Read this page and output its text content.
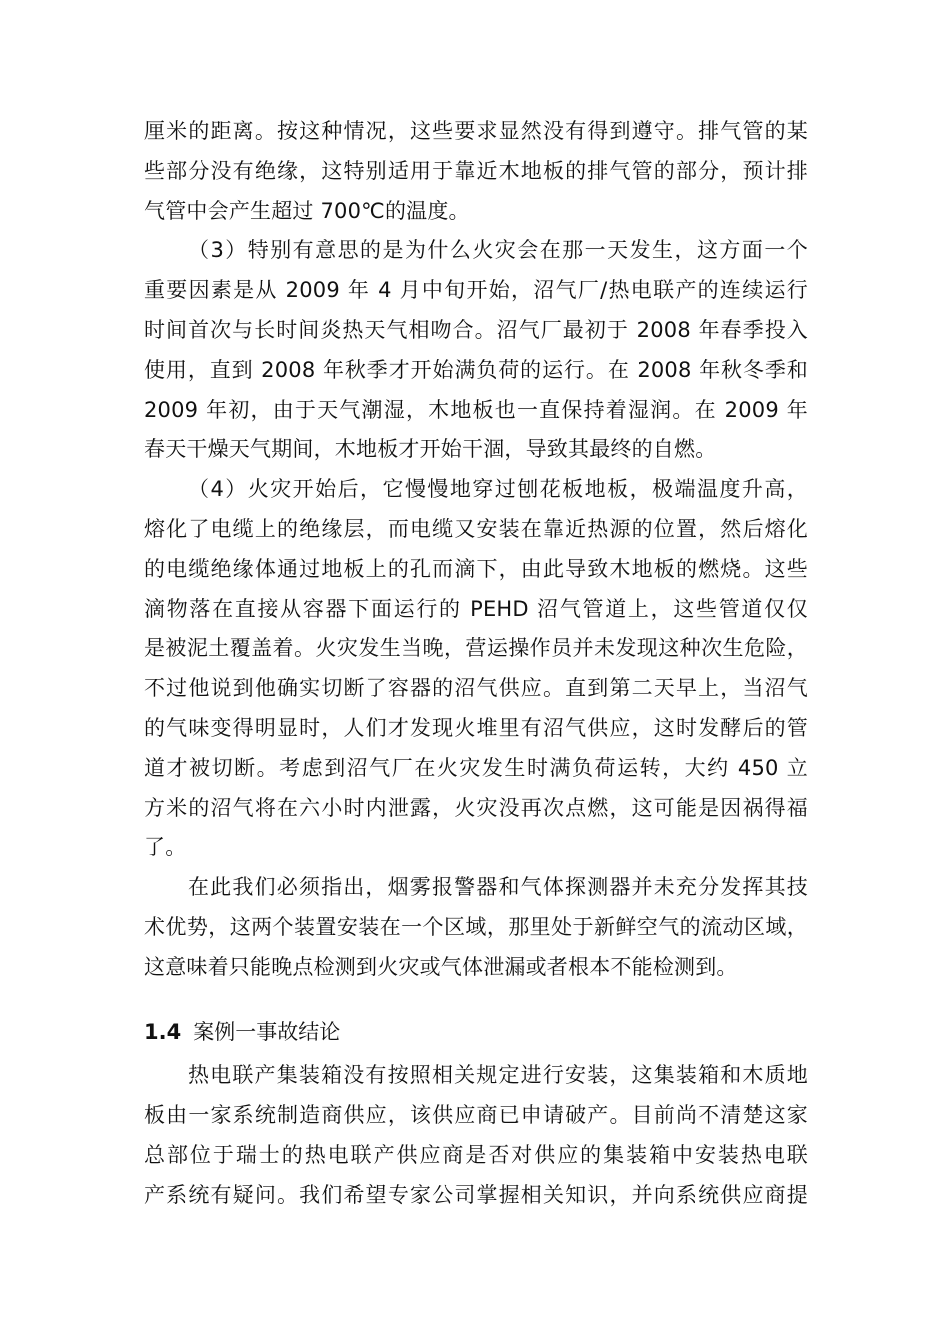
厘米的距离。按这种情况，这些要求显然没有得到遵守。排气管的某
些部分没有绝缘，这特别适用于靠近木地板的排气管的部分，预计排
气管中会产生超过 700℃的温度。
（3）特别有意思的是为什么火灾会在那一天发生，这方面一个
重要因素是从 2009 年 4 月中旬开始，沼气厂/热电联产的连续运行
时间首次与长时间炎热天气相吻合。沼气厂最初于 2008 年春季投入
使用，直到 2008 年秋季才开始满负荷的运行。在 2008 年秋冬季和
2009 年初，由于天气潮湿，木地板也一直保持着湿润。在 2009 年
春天干燥天气期间，木地板才开始干涸，导致其最终的自燃。
（4）火灾开始后，它慢慢地穿过刨花板地板，极端温度升高，
熔化了电缆上的绝缘层，而电缆又安装在靠近热源的位置，然后熔化
的电缆绝缘体通过地板上的孔而滴下，由此导致木地板的燃烧。这些
滴物落在直接从容器下面运行的 PEHD 沼气管道上，这些管道仅仅
是被泥土覆盖着。火灾发生当晚，营运操作员并未发现这种次生危险，
不过他说到他确实切断了容器的沼气供应。直到第二天早上，当沼气
的气味变得明显时，人们才发现火堆里有沼气供应，这时发酵后的管
道才被切断。考虑到沼气厂在火灾发生时满负荷运转，大约 450 立
方米的沼气将在六小时内泄露，火灾没再次点燃，这可能是因祸得福
了。
在此我们必须指出，烟雾报警器和气体探测器并未充分发挥其技
术优势，这两个装置安装在一个区域，那里处于新鲜空气的流动区域，
这意味着只能晚点检测到火灾或气体泄漏或者根本不能检测到。
1.4 案例一事故结论
热电联产集装箱没有按照相关规定进行安装，这集装箱和木质地
板由一家系统制造商供应，该供应商已申请破产。目前尚不清楚这家
总部位于瑞士的热电联产供应商是否对供应的集装箱中安装热电联
产系统有疑问。我们希望专家公司掌握相关知识，并向系统供应商提
